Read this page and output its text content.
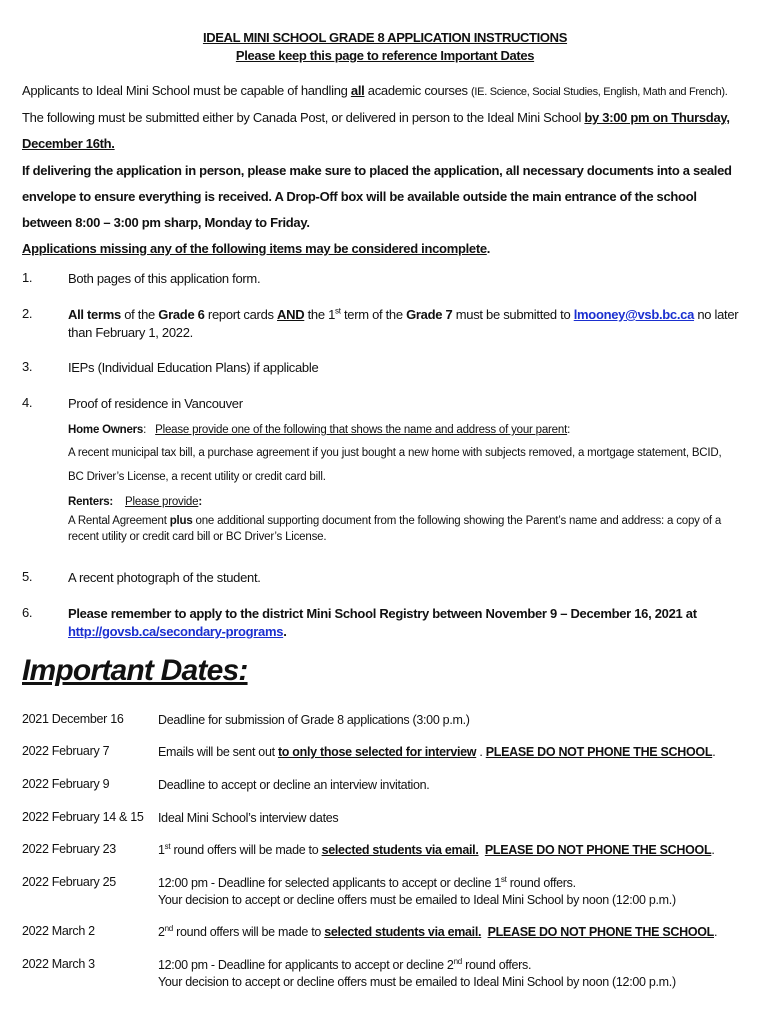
IDEAL MINI SCHOOL GRADE 8 APPLICATION INSTRUCTIONS
Please keep this page to reference Important Dates
Applicants to Ideal Mini School must be capable of handling all academic courses (IE. Science, Social Studies, English, Math and French).
The following must be submitted either by Canada Post, or delivered in person to the Ideal Mini School by 3:00 pm on Thursday,
December 16th.
If delivering the application in person, please make sure to placed the application, all necessary documents into a sealed
envelope to ensure everything is received. A Drop-Off box will be available outside the main entrance of the school
between 8:00 – 3:00 pm sharp, Monday to Friday.
Applications missing any of the following items may be considered incomplete.
1.	Both pages of this application form.
2.	All terms of the Grade 6 report cards AND the 1st term of the Grade 7 must be submitted to lmooney@vsb.bc.ca no later
than February 1, 2022.
3.	IEPs (Individual Education Plans) if applicable
4.	Proof of residence in Vancouver
Home Owners: Please provide one of the following that shows the name and address of your parent:
A recent municipal tax bill, a purchase agreement if you just bought a new home with subjects removed, a mortgage statement, BCID,
BC Driver’s License, a recent utility or credit card bill.
Renters: Please provide:
A Rental Agreement plus one additional supporting document from the following showing the Parent’s name and address: a copy of a
recent utility or credit card bill or BC Driver’s License.
5.	A recent photograph of the student.
6.	Please remember to apply to the district Mini School Registry between November 9 – December 16, 2021 at
http://govsb.ca/secondary-programs.
Important Dates:
2021 December 16	Deadline for submission of Grade 8 applications (3:00 p.m.)
2022 February 7	Emails will be sent out to only those selected for interview . PLEASE DO NOT PHONE THE SCHOOL.
2022 February 9	Deadline to accept or decline an interview invitation.
2022 February 14 & 15 Ideal Mini School’s interview dates
2022 February 23	1st round offers will be made to selected students via email. PLEASE DO NOT PHONE THE SCHOOL.
2022 February 25	12:00 pm - Deadline for selected applicants to accept or decline 1st round offers.
Your decision to accept or decline offers must be emailed to Ideal Mini School by noon (12:00 p.m.)
2022 March 2	2nd round offers will be made to selected students via email. PLEASE DO NOT PHONE THE SCHOOL.
2022 March 3	12:00 pm - Deadline for applicants to accept or decline 2nd round offers.
Your decision to accept or decline offers must be emailed to Ideal Mini School by noon (12:00 p.m.)
